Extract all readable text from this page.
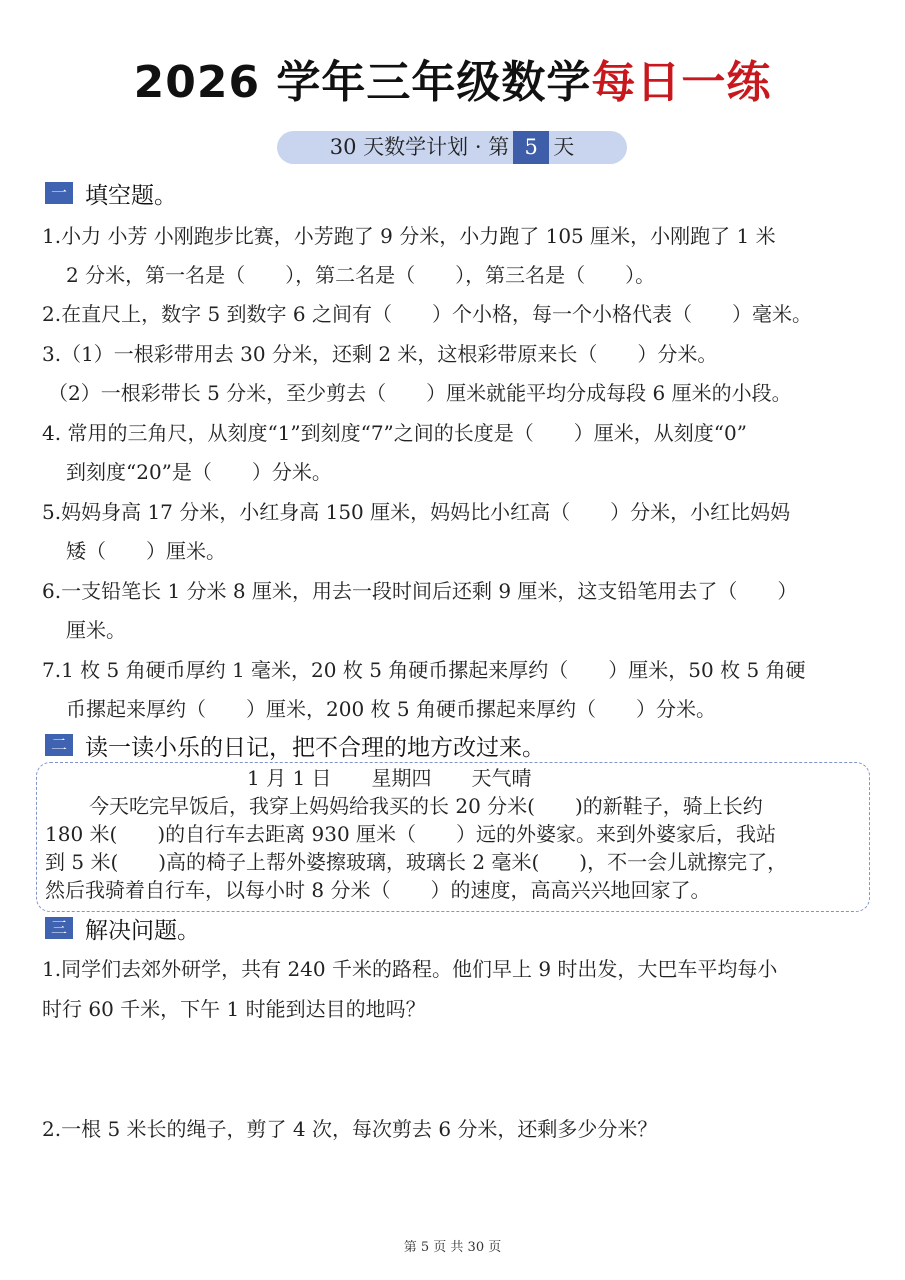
2026 学年三年级数学每日一练
30 天数学计划 · 第 5 天
一 填空题。
1.小力 小芳 小刚跑步比赛，小芳跑了 9 分米，小力跑了 105 厘米，小刚跑了 1 米
2 分米，第一名是（　　），第二名是（　　），第三名是（　　）。
2.在直尺上，数字 5 到数字 6 之间有（　　）个小格，每一个小格代表（　　）毫米。
3.（1）一根彩带用去 30 分米，还剩 2 米，这根彩带原来长（　　）分米。
（2）一根彩带长 5 分米，至少剪去（　　）厘米就能平均分成每段 6 厘米的小段。
4. 常用的三角尺，从刻度“1”到刻度“7”之间的长度是（　　）厘米，从刻度“0”
到刻度“20”是（　　）分米。
5.妈妈身高 17 分米，小红身高 150 厘米，妈妈比小红高（　　）分米，小红比妈妈
矮（　　）厘米。
6.一支铅笔长 1 分米 8 厘米，用去一段时间后还剩 9 厘米，这支铅笔用去了（　　）
厘米。
7.1 枚 5 角硬币厚约 1 毫米，20 枚 5 角硬币摞起来厚约（　　）厘米，50 枚 5 角硬
币摞起来厚约（　　）厘米，200 枚 5 角硬币摞起来厚约（　　）分米。
二 读一读小乐的日记，把不合理的地方改过来。
1 月 1 日　　星期四　　天气晴
今天吃完早饭后，我穿上妈妈给我买的长 20 分米(　　)的新鞋子，骑上长约
180 米(　　)的自行车去距离 930 厘米（　　）远的外婆家。来到外婆家后，我站
到 5 米(　　)高的椅子上帮外婆擦玻璃，玻璃长 2 毫米(　　)，不一会儿就擦完了，
然后我骑着自行车，以每小时 8 分米（　　）的速度，高高兴兴地回家了。
三 解决问题。
1.同学们去郊外研学，共有 240 千米的路程。他们早上 9 时出发，大巴车平均每小
时行 60 千米，下午 1 时能到达目的地吗？
2.一根 5 米长的绳子，剪了 4 次，每次剪去 6 分米，还剩多少分米？
第 5 页 共 30 页
